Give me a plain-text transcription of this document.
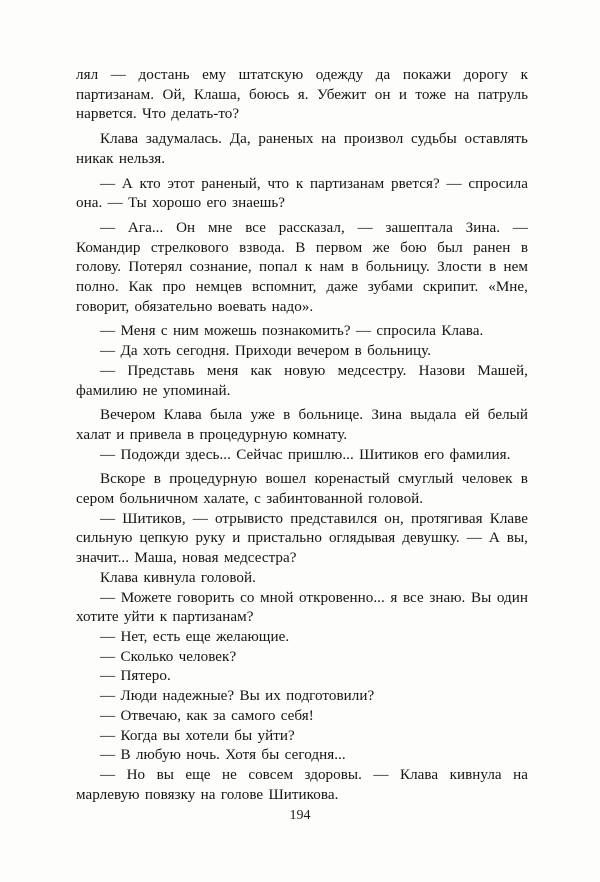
лял — достань ему штатскую одежду да покажи дорогу к партизанам. Ой, Клаша, боюсь я. Убежит он и тоже на патруль нарвется. Что делать-то?

Клава задумалась. Да, раненых на произвол судьбы оставлять никак нельзя.

— А кто этот раненый, что к партизанам рвется? — спросила она. — Ты хорошо его знаешь?

— Ага... Он мне все рассказал, — зашептала Зина. — Командир стрелкового взвода. В первом же бою был ранен в голову. Потерял сознание, попал к нам в больницу. Злости в нем полно. Как про немцев вспомнит, даже зубами скрипит. «Мне, говорит, обязательно воевать надо».

— Меня с ним можешь познакомить? — спросила Клава.

— Да хоть сегодня. Приходи вечером в больницу.

— Представь меня как новую медсестру. Назови Машей, фамилию не упоминай.

Вечером Клава была уже в больнице. Зина выдала ей белый халат и привела в процедурную комнату.

— Подожди здесь... Сейчас пришлю... Шитиков его фамилия.

Вскоре в процедурную вошел коренастый смуглый человек в сером больничном халате, с забинтованной головой.

— Шитиков, — отрывисто представился он, протягивая Клаве сильную цепкую руку и пристально оглядывая девушку. — А вы, значит... Маша, новая медсестра?

Клава кивнула головой.

— Можете говорить со мной откровенно... я все знаю. Вы один хотите уйти к партизанам?

— Нет, есть еще желающие.

— Сколько человек?

— Пятеро.

— Люди надежные? Вы их подготовили?

— Отвечаю, как за самого себя!

— Когда вы хотели бы уйти?

— В любую ночь. Хотя бы сегодня...

— Но вы еще не совсем здоровы. — Клава кивнула на марлевую повязку на голове Шитикова.

194
